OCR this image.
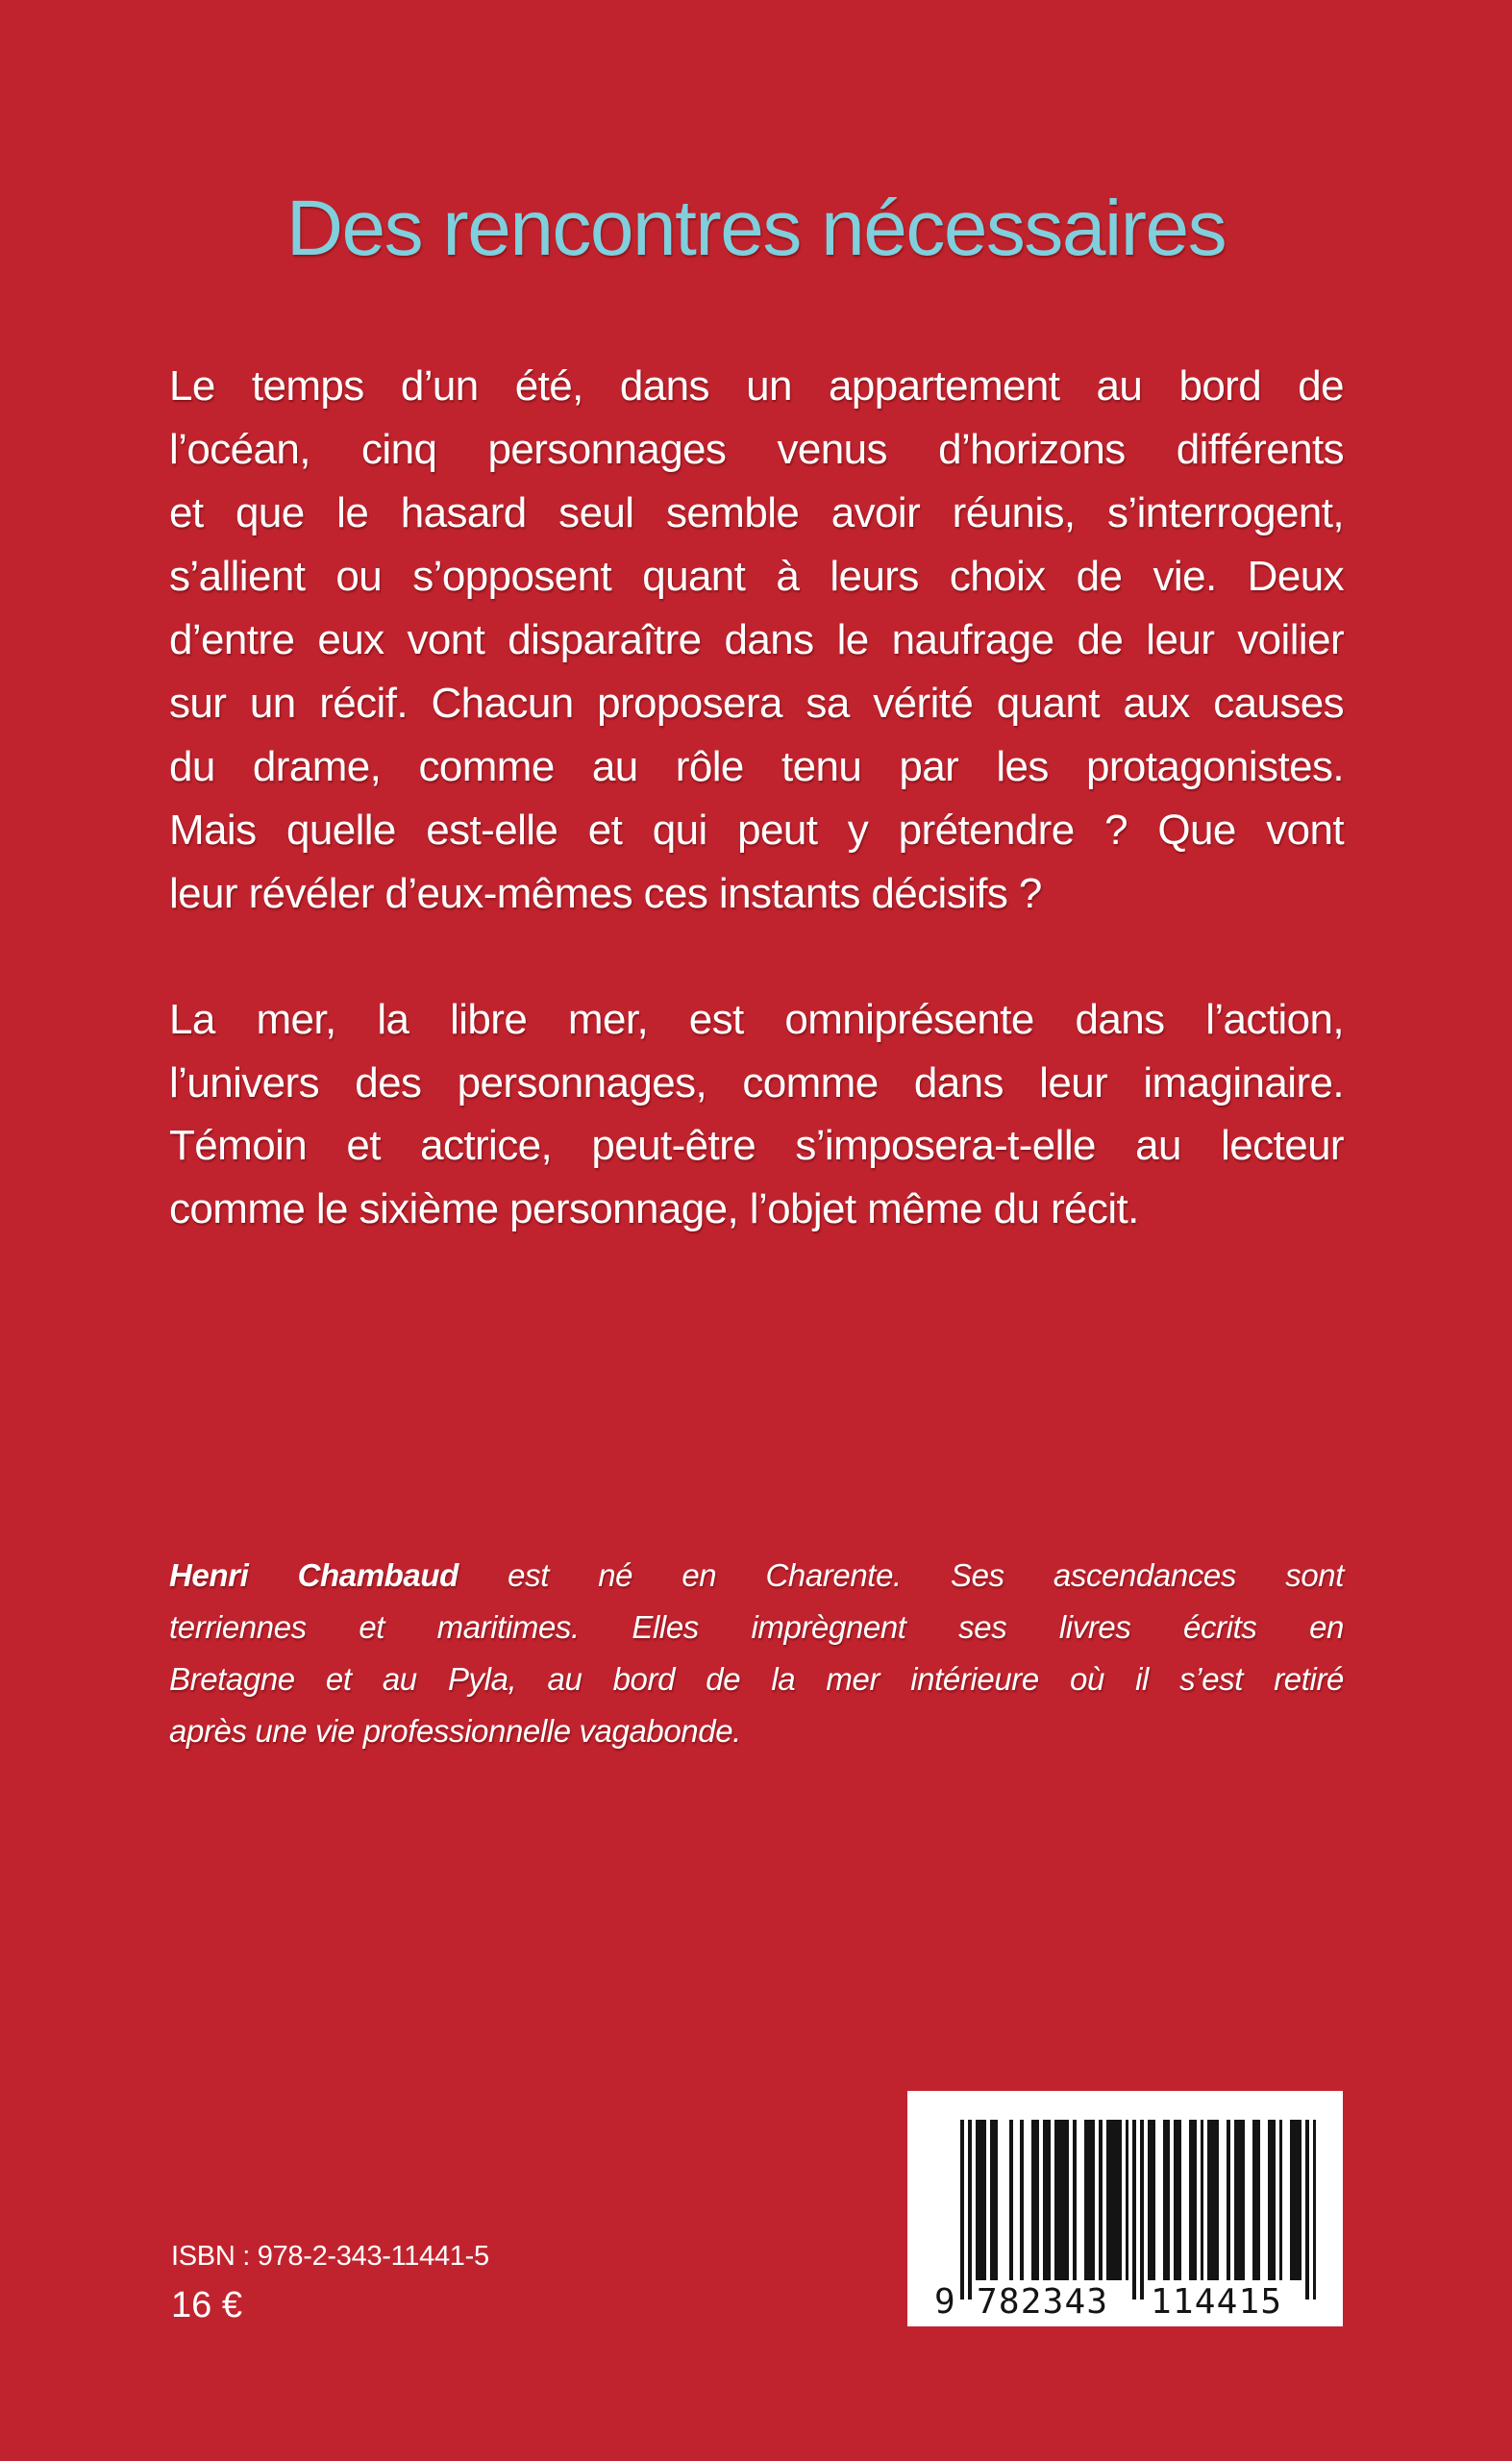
Des rencontres nécessaires
Le temps d’un été, dans un appartement au bord de
l’océan, cinq personnages venus d’horizons différents
et que le hasard seul semble avoir réunis, s’interrogent,
s’allient ou s’opposent quant à leurs choix de vie. Deux
d’entre eux vont disparaître dans le naufrage de leur voilier
sur un récif. Chacun proposera sa vérité quant aux causes
du drame, comme au rôle tenu par les protagonistes.
Mais quelle est-elle et qui peut y prétendre ? Que vont
leur révéler d’eux-mêmes ces instants décisifs ?
La mer, la libre mer, est omniprésente dans l’action,
l’univers des personnages, comme dans leur imaginaire.
Témoin et actrice, peut-être s’imposera-t-elle au lecteur
comme le sixième personnage, l’objet même du récit.
Henri Chambaud est né en Charente. Ses ascendances sont
terriennes et maritimes. Elles imprègnent ses livres écrits en
Bretagne et au Pyla, au bord de la mer intérieure où il s’est retiré
après une vie professionnelle vagabonde.
ISBN : 978-2-343-11441-5
16 €	9 782343 114415
